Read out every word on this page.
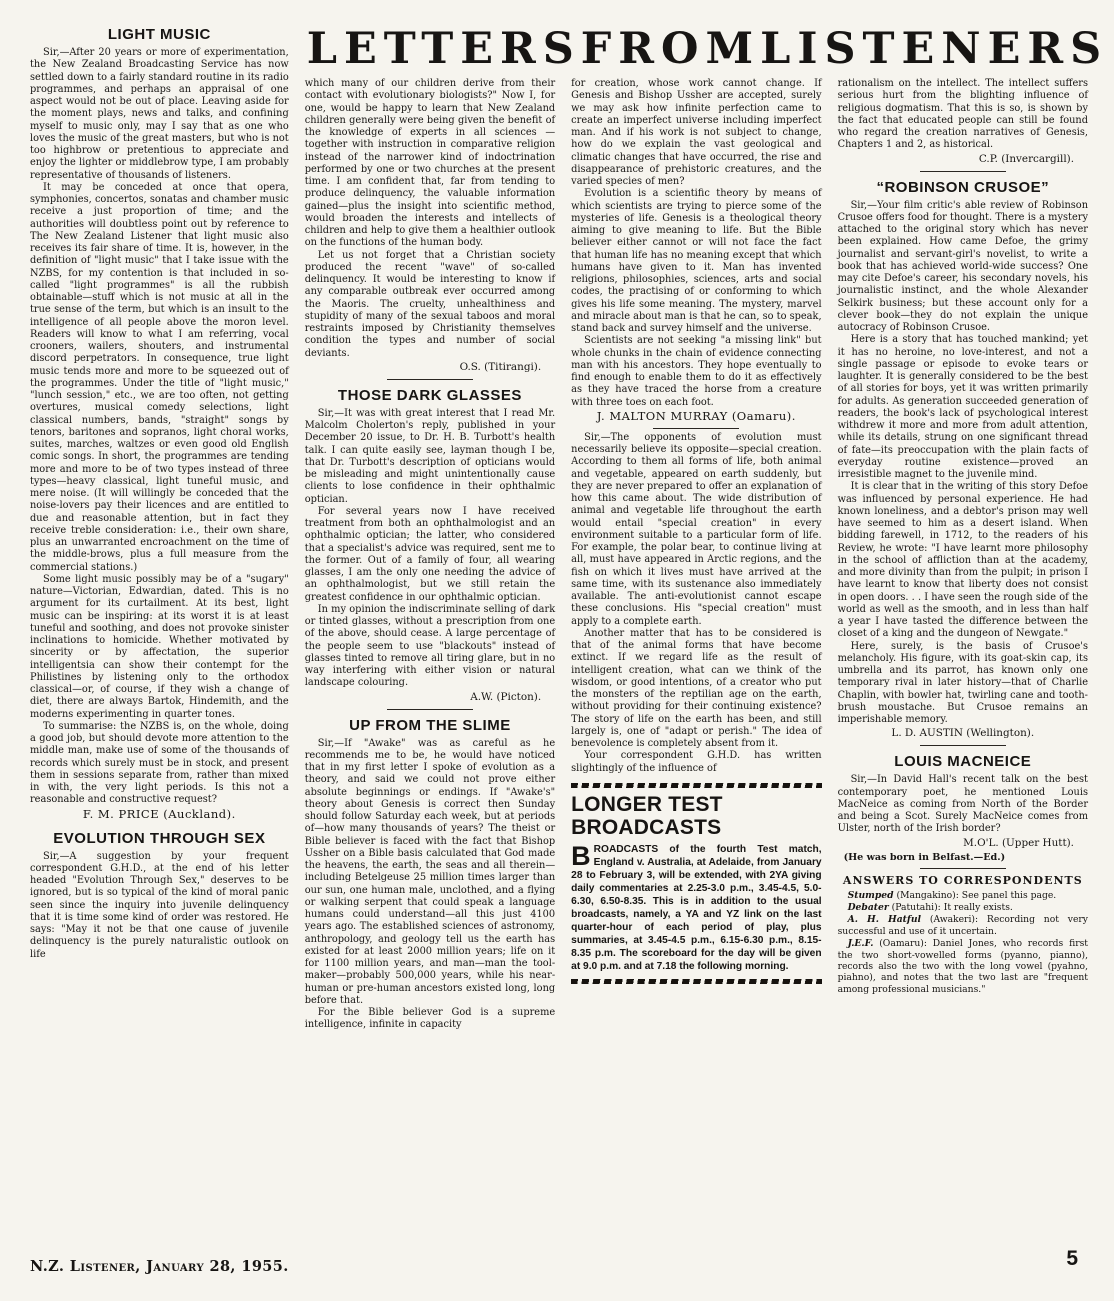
LIGHT MUSIC

Sir,—After 20 years or more of experimentation, the New Zealand Broadcasting Service has now settled down to a fairly standard routine in its radio programmes, and perhaps an appraisal of one aspect would not be out of place. Leaving aside for the moment plays, news and talks, and confining myself to music only, may I say that as one who loves the music of the great masters, but who is not too highbrow or pretentious to appreciate and enjoy the lighter or middlebrow type, I am probably representative of thousands of listeners.

It may be conceded at once that opera, symphonies, concertos, sonatas and chamber music receive a just proportion of time; and the authorities will doubtless point out by reference to The New Zealand Listener that light music also receives its fair share of time. It is, however, in the definition of "light music" that I take issue with the NZBS, for my contention is that included in so-called "light programmes" is all the rubbish obtainable—stuff which is not music at all in the true sense of the term, but which is an insult to the intelligence of all people above the moron level. Readers will know to what I am referring, vocal crooners, wailers, shouters, and instrumental discord perpetrators. In consequence, true light music tends more and more to be squeezed out of the programmes. Under the title of "light music," "lunch session," etc., we are too often, not getting overtures, musical comedy selections, light classical numbers, bands, "straight" songs by tenors, baritones and sopranos, light choral works, suites, marches, waltzes or even good old English comic songs. In short, the programmes are tending more and more to be of two types instead of three types—heavy classical, light tuneful music, and mere noise. (It will willingly be conceded that the noise-lovers pay their licences and are entitled to due and reasonable attention, but in fact they receive treble consideration: i.e., their own share, plus an unwarranted encroachment on the time of the middle-brows, plus a full measure from the commercial stations.)

Some light music possibly may be of a "sugary" nature—Victorian, Edwardian, dated. This is no argument for its curtailment. At its best, light music can be inspiring: at its worst it is at least tuneful and soothing, and does not provoke sinister inclinations to homicide. Whether motivated by sincerity or by affectation, the superior intelligentsia can show their contempt for the Philistines by listening only to the orthodox classical—or, of course, if they wish a change of diet, there are always Bartok, Hindemith, and the moderns experimenting in quarter tones.

To summarise: the NZBS is, on the whole, doing a good job, but should devote more attention to the middle man, make use of some of the thousands of records which surely must be in stock, and present them in sessions separate from, rather than mixed in with, the very light periods. Is this not a reasonable and constructive request?

F. M. PRICE (Auckland).
EVOLUTION THROUGH SEX

Sir,—A suggestion by your frequent correspondent G.H.D., at the end of his letter headed "Evolution Through Sex," deserves to be ignored, but is so typical of the kind of moral panic seen since the inquiry into juvenile delinquency that it is time some kind of order was restored. He says: "May it not be that one cause of juvenile delinquency is the purely naturalistic outlook on life

N.Z. Listener, January 28, 1955.
LETTERS FROM LISTENERS

which many of our children derive from their contact with evolutionary biologists?" Now I, for one, would be happy to learn that New Zealand children generally were being given the benefit of the knowledge of experts in all sciences —together with instruction in comparative religion instead of the narrower kind of indoctrination performed by one or two churches at the present time. I am confident that, far from tending to produce delinquency, the valuable information gained—plus the insight into scientific method, would broaden the interests and intellects of children and help to give them a healthier outlook on the functions of the human body.

Let us not forget that a Christian society produced the recent "wave" of so-called delinquency. It would be interesting to know if any comparable outbreak ever occurred among the Maoris. The cruelty, unhealthiness and stupidity of many of the sexual taboos and moral restraints imposed by Christianity themselves condition the types and number of social deviants.

O.S. (Titirangi).
THOSE DARK GLASSES

Sir,—It was with great interest that I read Mr. Malcolm Cholerton's reply, published in your December 20 issue, to Dr. H. B. Turbott's health talk. I can quite easily see, layman though I be, that Dr. Turbott's description of opticians would be misleading and might unintentionally cause clients to lose confidence in their ophthalmic optician.

For several years now I have received treatment from both an ophthalmologist and an ophthalmic optician; the latter, who considered that a specialist's advice was required, sent me to the former. Out of a family of four, all wearing glasses, I am the only one needing the advice of an ophthalmologist, but we still retain the greatest confidence in our ophthalmic optician.

In my opinion the indiscriminate selling of dark or tinted glasses, without a prescription from one of the above, should cease. A large percentage of the people seem to use "blackouts" instead of glasses tinted to remove all tiring glare, but in no way interfering with either vision or natural landscape colouring.

A.W. (Picton).
UP FROM THE SLIME

Sir,—If "Awake" was as careful as he recommends me to be, he would have noticed that in my first letter I spoke of evolution as a theory, and said we could not prove either absolute beginnings or endings. If "Awake's" theory about Genesis is correct then Sunday should follow Saturday each week, but at periods of—how many thousands of years? The theist or Bible believer is faced with the fact that Bishop Ussher on a Bible basis calculated that God made the heavens, the earth, the seas and all therein—including Betelgeuse 25 million times larger than our sun, one human male, unclothed, and a flying or walking serpent that could speak a language humans could understand—all this just 4100 years ago. The established sciences of astronomy, anthropology, and geology tell us the earth has existed for at least 2000 million years; life on it for 1100 million years, and man—man the tool-maker—probably 500,000 years, while his near-human or pre-human ancestors existed long, long before that.

For the Bible believer God is a supreme intelligence, infinite in capacity

for creation, whose work cannot change. If Genesis and Bishop Ussher are accepted, surely we may ask how infinite perfection came to create an imperfect universe including imperfect man. And if his work is not subject to change, how do we explain the vast geological and climatic changes that have occurred, the rise and disappearance of prehistoric creatures, and the varied species of men?

Evolution is a scientific theory by means of which scientists are trying to pierce some of the mysteries of life. Genesis is a theological theory aiming to give meaning to life. But the Bible believer either cannot or will not face the fact that human life has no meaning except that which humans have given to it. Man has invented religions, philosophies, sciences, arts and social codes, the practising of or conforming to which gives his life some meaning. The mystery, marvel and miracle about man is that he can, so to speak, stand back and survey himself and the universe.

Scientists are not seeking "a missing link" but whole chunks in the chain of evidence connecting man with his ancestors. They hope eventually to find enough to enable them to do it as effectively as they have traced the horse from a creature with three toes on each foot.

J. MALTON MURRAY (Oamaru).

Sir,—The opponents of evolution must necessarily believe its opposite—special creation. According to them all forms of life, both animal and vegetable, appeared on earth suddenly, but they are never prepared to offer an explanation of how this came about. The wide distribution of animal and vegetable life throughout the earth would entail "special creation" in every environment suitable to a particular form of life. For example, the polar bear, to continue living at all, must have appeared in Arctic regions, and the fish on which it lives must have arrived at the same time, with its sustenance also immediately available. The anti-evolutionist cannot escape these conclusions. His "special creation" must apply to a complete earth.

Another matter that has to be considered is that of the animal forms that have become extinct. If we regard life as the result of intelligent creation, what can we think of the wisdom, or good intentions, of a creator who put the monsters of the reptilian age on the earth, without providing for their continuing existence? The story of life on the earth has been, and still largely is, one of "adapt or perish." The idea of benevolence is completely absent from it.

Your correspondent G.H.D. has written slightingly of the influence of

LONGER TEST BROADCASTS

BROADCASTS of the fourth Test match, England v. Australia, at Adelaide, from January 28 to February 3, will be extended, with 2YA giving daily commentaries at 2.25-3.0 p.m., 3.45-4.5, 5.0-6.30, 6.50-8.35. This is in addition to the usual broadcasts, namely, a YA and YZ link on the last quarter-hour of each period of play, plus summaries, at 3.45-4.5 p.m., 6.15-6.30 p.m., 8.15-8.35 p.m. The scoreboard for the day will be given at 9.0 p.m. and at 7.18 the following morning.

rationalism on the intellect. The intellect suffers serious hurt from the blighting influence of religious dogmatism. That this is so, is shown by the fact that educated people can still be found who regard the creation narratives of Genesis, Chapters 1 and 2, as historical.

C.P. (Invercargill).
“ROBINSON CRUSOE”

Sir,—Your film critic's able review of Robinson Crusoe offers food for thought. There is a mystery attached to the original story which has never been explained. How came Defoe, the grimy journalist and servant-girl's novelist, to write a book that has achieved world-wide success? One may cite Defoe's career, his secondary novels, his journalistic instinct, and the whole Alexander Selkirk business; but these account only for a clever book—they do not explain the unique autocracy of Robinson Crusoe.

Here is a story that has touched mankind; yet it has no heroine, no love-interest, and not a single passage or episode to evoke tears or laughter. It is generally considered to be the best of all stories for boys, yet it was written primarily for adults. As generation succeeded generation of readers, the book's lack of psychological interest withdrew it more and more from adult attention, while its details, strung on one significant thread of fate—its preoccupation with the plain facts of everyday routine existence—proved an irresistible magnet to the juvenile mind.

It is clear that in the writing of this story Defoe was influenced by personal experience. He had known loneliness, and a debtor's prison may well have seemed to him as a desert island. When bidding farewell, in 1712, to the readers of his Review, he wrote: "I have learnt more philosophy in the school of affliction than at the academy, and more divinity than from the pulpit; in prison I have learnt to know that liberty does not consist in open doors. . . I have seen the rough side of the world as well as the smooth, and in less than half a year I have tasted the difference between the closet of a king and the dungeon of Newgate."

Here, surely, is the basis of Crusoe's melancholy. His figure, with its goat-skin cap, its umbrella and its parrot, has known only one temporary rival in later history—that of Charlie Chaplin, with bowler hat, twirling cane and tooth-brush moustache. But Crusoe remains an imperishable memory.

L. D. AUSTIN (Wellington).
LOUIS MACNEICE

Sir,—In David Hall's recent talk on the best contemporary poet, he mentioned Louis MacNeice as coming from North of the Border and being a Scot. Surely MacNeice comes from Ulster, north of the Irish border?

M.O'L. (Upper Hutt).

(He was born in Belfast.—Ed.)

ANSWERS TO CORRESPONDENTS

Stumped (Mangakino): See panel this page.

Debater (Patutahi): It really exists.

A. H. Hatful (Awakeri): Recording not very successful and use of it uncertain.

J.E.F. (Oamaru): Daniel Jones, who records first the two short-vowelled forms (pyanno, pianno), records also the two with the long vowel (pyahno, piahno), and notes that the two last are "frequent among professional musicians."

5
